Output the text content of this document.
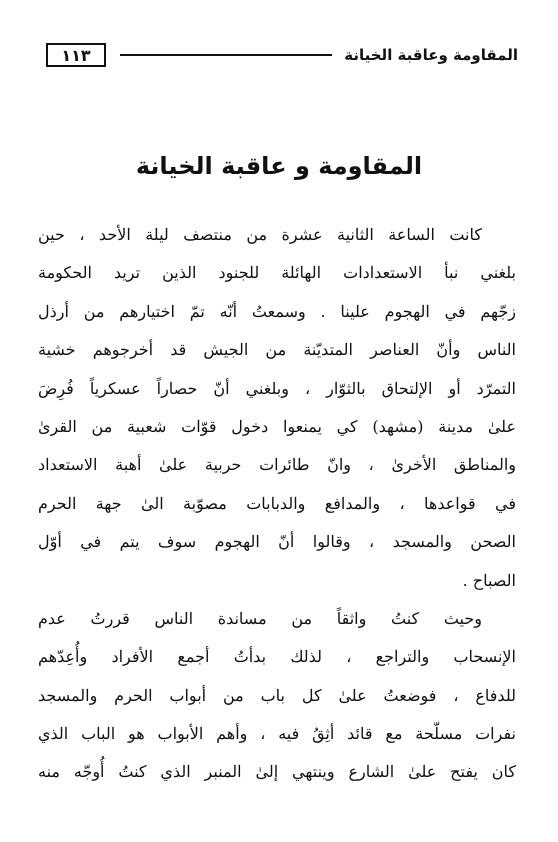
المقاومة وعاقبة الخيانة
١١٣
المقاومة و عاقبة الخيانة
كانت الساعة الثانية عشرة من منتصف ليلة الأحد ، حين
بلغني نبأ الاستعدادات الهائلة للجنود الذين تريد الحكومة
زجّهم في الهجوم علينا . وسمعتُ أنّه تمّ اختيارهم من أرذل
الناس وأنّ العناصر المتديّنة من الجيش قد أخرجوهم خشية
التمرّد أو الإلتحاق بالثوّار ، وبلغني أنّ حصاراً عسكرياً فُرِضَ
علىٰ مدينة (مشهد) كي يمنعوا دخول قوّات شعبية من القرىٰ
والمناطق الأخرىٰ ، وانّ طائرات حربية علىٰ أهبة الاستعداد
في قواعدها ، والمدافع والدبابات مصوّبة الىٰ جهة الحرم
الصحن والمسجد ، وقالوا أنّ الهجوم سوف يتم في أوّل
الصباح .
وحيث كنتُ واثقاً من مساندة الناس قررتُ عدم
الإنسحاب والتراجع ، لذلك بدأتُ أجمع الأفراد وأُعِدّهم
للدفاع ، فوضعتُ علىٰ كل باب من أبواب الحرم والمسجد
نفرات مسلّحة مع قائد أثِقُ فيه ، وأهم الأبواب هو الباب الذي
كان يفتح علىٰ الشارع وينتهي إلىٰ المنبر الذي كنتُ أُوجّه منه
